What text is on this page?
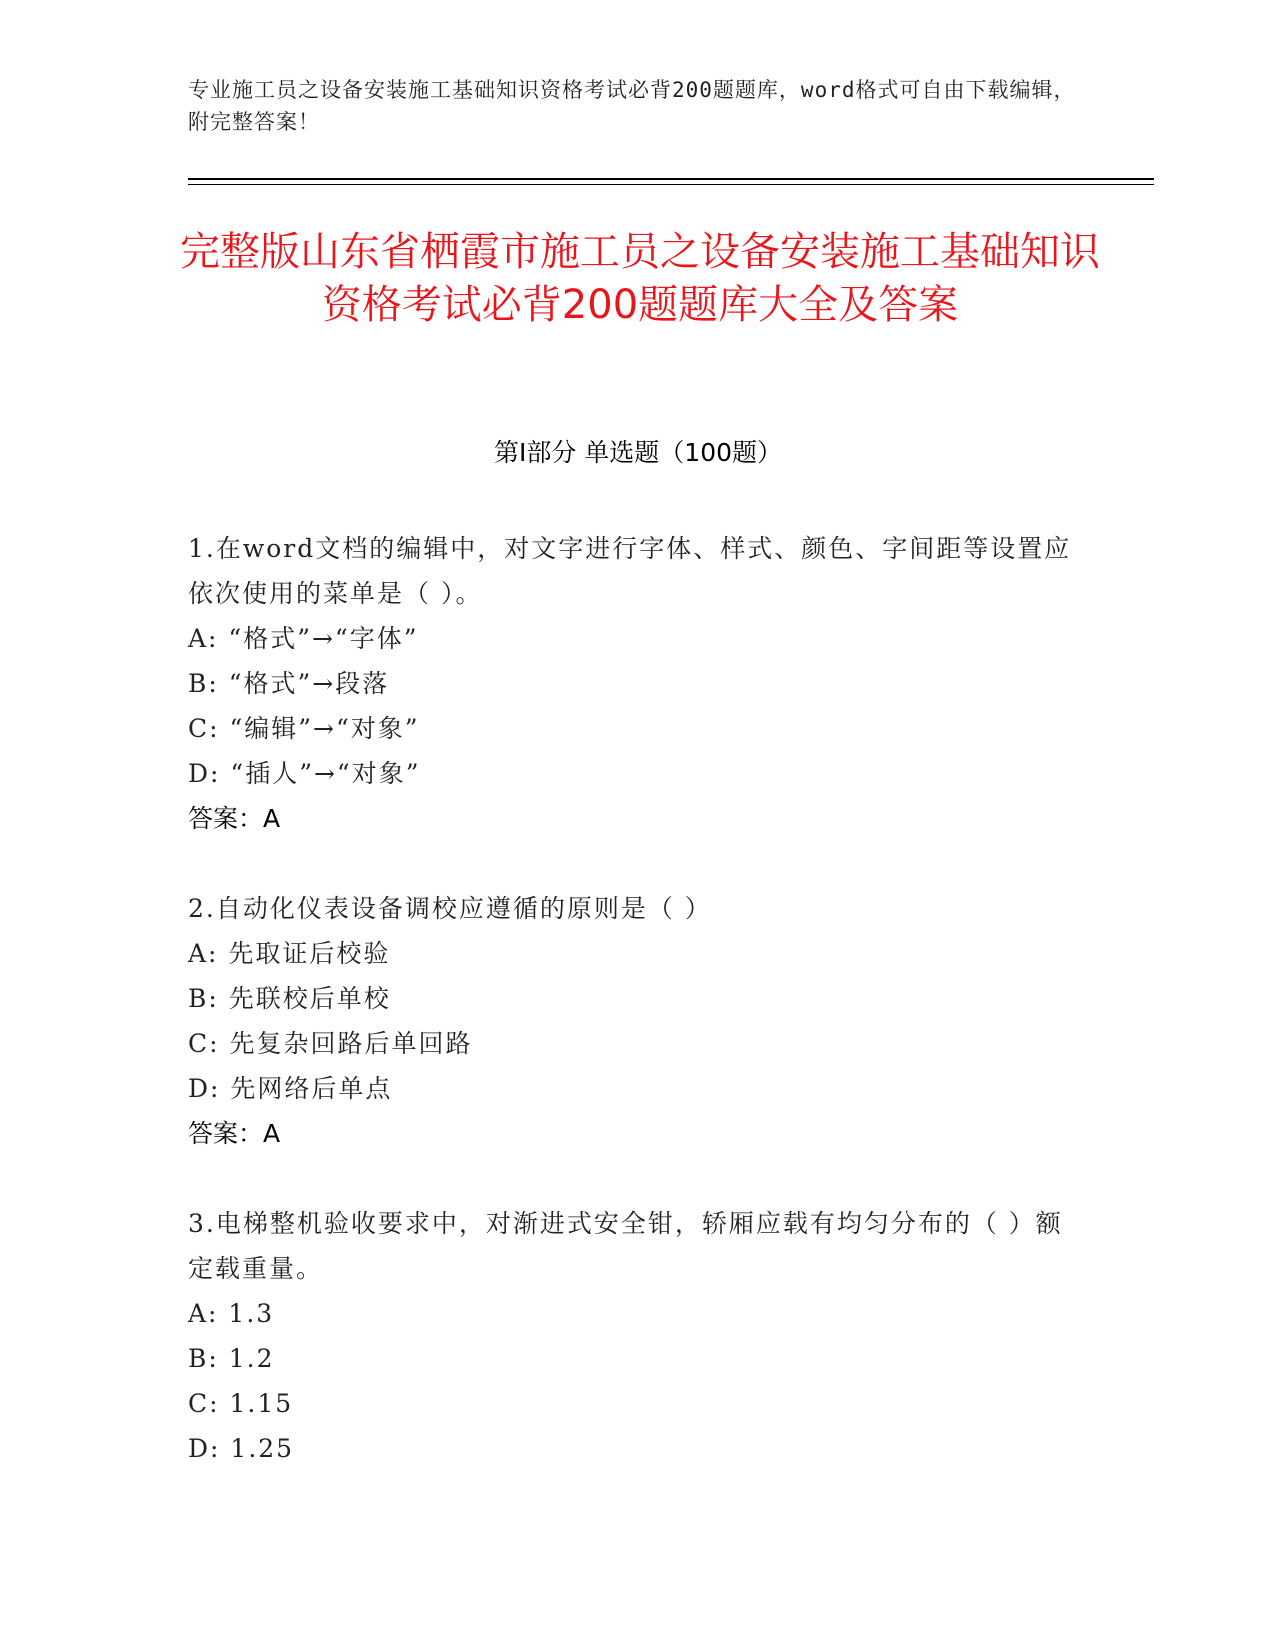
专业施工员之设备安装施工基础知识资格考试必背200题题库，word格式可自由下载编辑，附完整答案！
完整版山东省栖霞市施工员之设备安装施工基础知识资格考试必背200题题库大全及答案
第I部分 单选题（100题）
1.在word文档的编辑中，对文字进行字体、样式、颜色、字间距等设置应依次使用的菜单是（ ）。
A: “格式”→“字体”
B: “格式”→段落
C: “编辑”→“对象”
D: “插人”→“对象”
答案：A
2.自动化仪表设备调校应遵循的原则是（ ）
A: 先取证后校验
B: 先联校后单校
C: 先复杂回路后单回路
D: 先网络后单点
答案：A
3.电梯整机验收要求中，对渐进式安全钳，轿厢应载有均匀分布的（ ）额定载重量。
A: 1.3
B: 1.2
C: 1.15
D: 1.25
